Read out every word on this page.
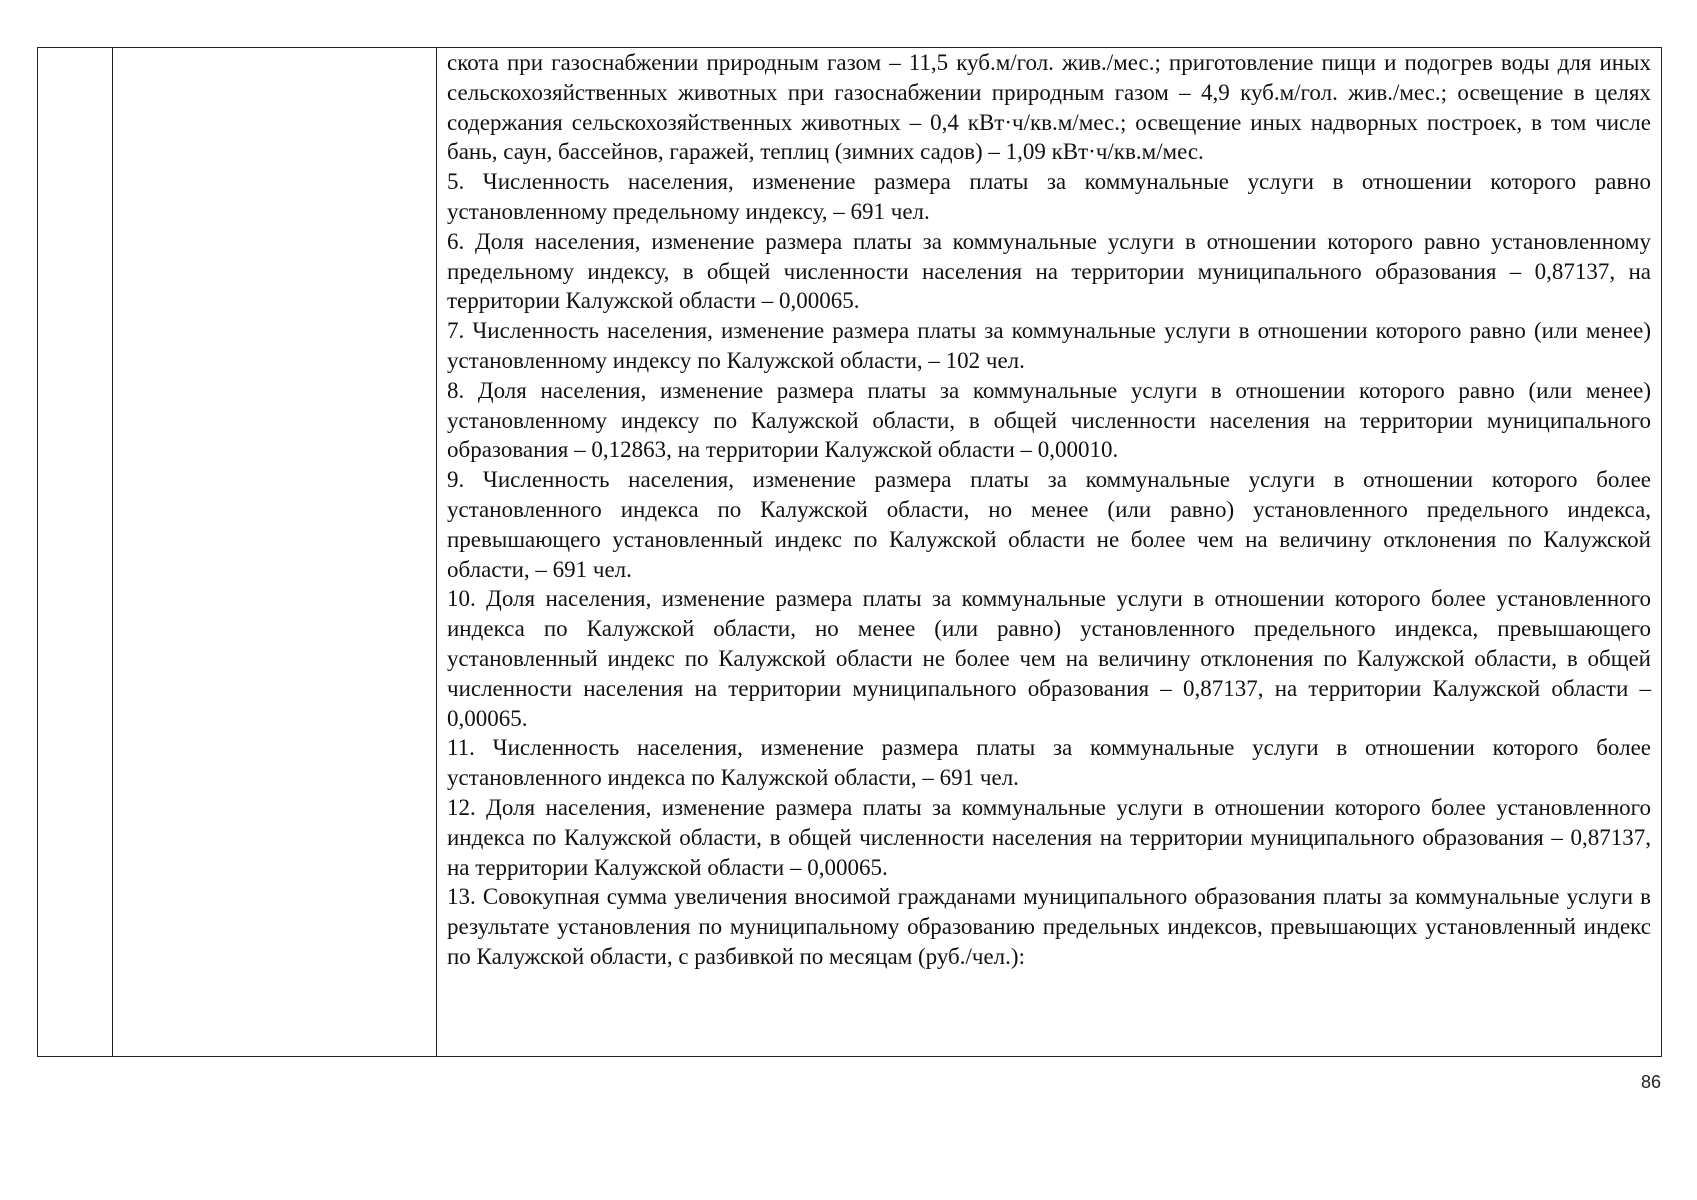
скота при газоснабжении природным газом – 11,5 куб.м/гол. жив./мес.; приготовление пищи и подогрев воды для иных сельскохозяйственных животных при газоснабжении природным газом – 4,9 куб.м/гол. жив./мес.; освещение в целях содержания сельскохозяйственных животных – 0,4 кВт·ч/кв.м/мес.; освещение иных надворных построек, в том числе бань, саун, бассейнов, гаражей, теплиц (зимних садов) – 1,09 кВт·ч/кв.м/мес.

5. Численность населения, изменение размера платы за коммунальные услуги в отношении которого равно установленному предельному индексу, – 691 чел.

6. Доля населения, изменение размера платы за коммунальные услуги в отношении которого равно установленному предельному индексу, в общей численности населения на территории муниципального образования – 0,87137, на территории Калужской области – 0,00065.

7. Численность населения, изменение размера платы за коммунальные услуги в отношении которого равно (или менее) установленному индексу по Калужской области, – 102 чел.

8. Доля населения, изменение размера платы за коммунальные услуги в отношении которого равно (или менее) установленному индексу по Калужской области, в общей численности населения на территории муниципального образования – 0,12863, на территории Калужской области – 0,00010.

9. Численность населения, изменение размера платы за коммунальные услуги в отношении которого более установленного индекса по Калужской области, но менее (или равно) установленного предельного индекса, превышающего установленный индекс по Калужской области не более чем на величину отклонения по Калужской области, – 691 чел.

10. Доля населения, изменение размера платы за коммунальные услуги в отношении которого более установленного индекса по Калужской области, но менее (или равно) установленного предельного индекса, превышающего установленный индекс по Калужской области не более чем на величину отклонения по Калужской области, в общей численности населения на территории муниципального образования – 0,87137, на территории Калужской области – 0,00065.

11. Численность населения, изменение размера платы за коммунальные услуги в отношении которого более установленного индекса по Калужской области, – 691 чел.

12. Доля населения, изменение размера платы за коммунальные услуги в отношении которого более установленного индекса по Калужской области, в общей численности населения на территории муниципального образования – 0,87137, на территории Калужской области – 0,00065.

13. Совокупная сумма увеличения вносимой гражданами муниципального образования платы за коммунальные услуги в результате установления по муниципальному образованию предельных индексов, превышающих установленный индекс по Калужской области, с разбивкой по месяцам (руб./чел.):

86
